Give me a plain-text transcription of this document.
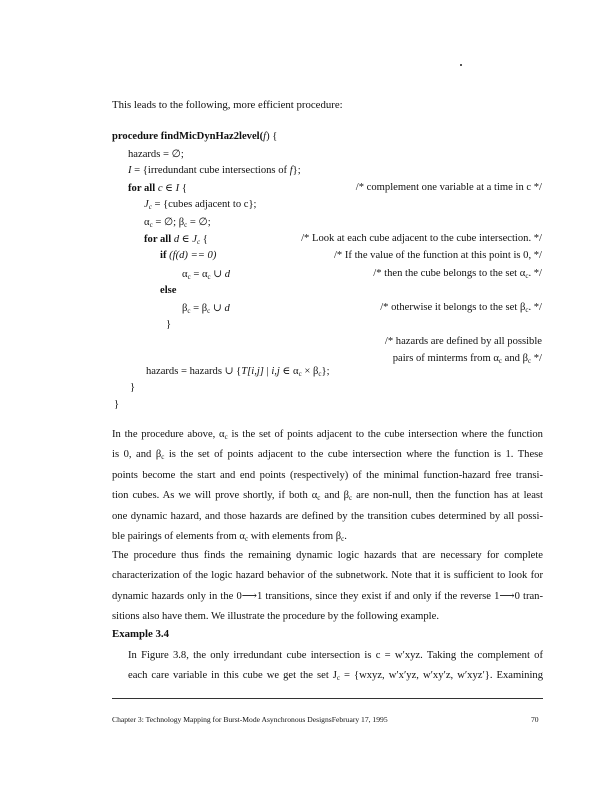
This leads to the following, more efficient procedure:
procedure findMicDynHaz2level(f) {
hazards = ∅;
I = {irredundant cube intersections of f};
for all c ∈ I {	/* complement one variable at a time in c */
$J_c$ = {cubes adjacent to c};
$\alpha_c$ = ∅; $\beta_c$ = ∅;
for all d ∈ $J_c$ {	/* Look at each cube adjacent to the cube intersection. */
if (f(d) == 0)	/* If the value of the function at this point is 0, */
$\alpha_c = \alpha_c$ ∪ d	/* then the cube belongs to the set $\alpha_c$. */
else
$\beta_c = \beta_c$ ∪ d	/* otherwise it belongs to the set $\beta_c$. */
}
/* hazards are defined by all possible
pairs of minterms from $\alpha_c$ and $\beta_c$ */
hazards = hazards ∪ {T[i,j] | i,j ∈ $\alpha_c \times \beta_c$};
}
}
In the procedure above, $\alpha_c$ is the set of points adjacent to the cube intersection where the function
is 0, and $\beta_c$ is the set of points adjacent to the cube intersection where the function is 1. These
points become the start and end points (respectively) of the minimal function-hazard free transi-
tion cubes. As we will prove shortly, if both $\alpha_c$ and $\beta_c$ are non-null, then the function has at least
one dynamic hazard, and those hazards are defined by the transition cubes determined by all possi-
ble pairings of elements from $\alpha_c$ with elements from $\beta_c$.
The procedure thus finds the remaining dynamic logic hazards that are necessary for complete
characterization of the logic hazard behavior of the subnetwork. Note that it is sufficient to look for
dynamic hazards only in the 0⟶1 transitions, since they exist if and only if the reverse 1⟶0 tran-
sitions also have them. We illustrate the procedure by the following example.
Example 3.4
In Figure 3.8, the only irredundant cube intersection is c = w′xyz. Taking the complement of
each care variable in this cube we get the set $J_c$ = {wxyz, w′x′yz, w′xy′z, w′xyz′}. Examining
Chapter 3: Technology Mapping for Burst-Mode Asynchronous DesignsFebruary 17, 1995	70
